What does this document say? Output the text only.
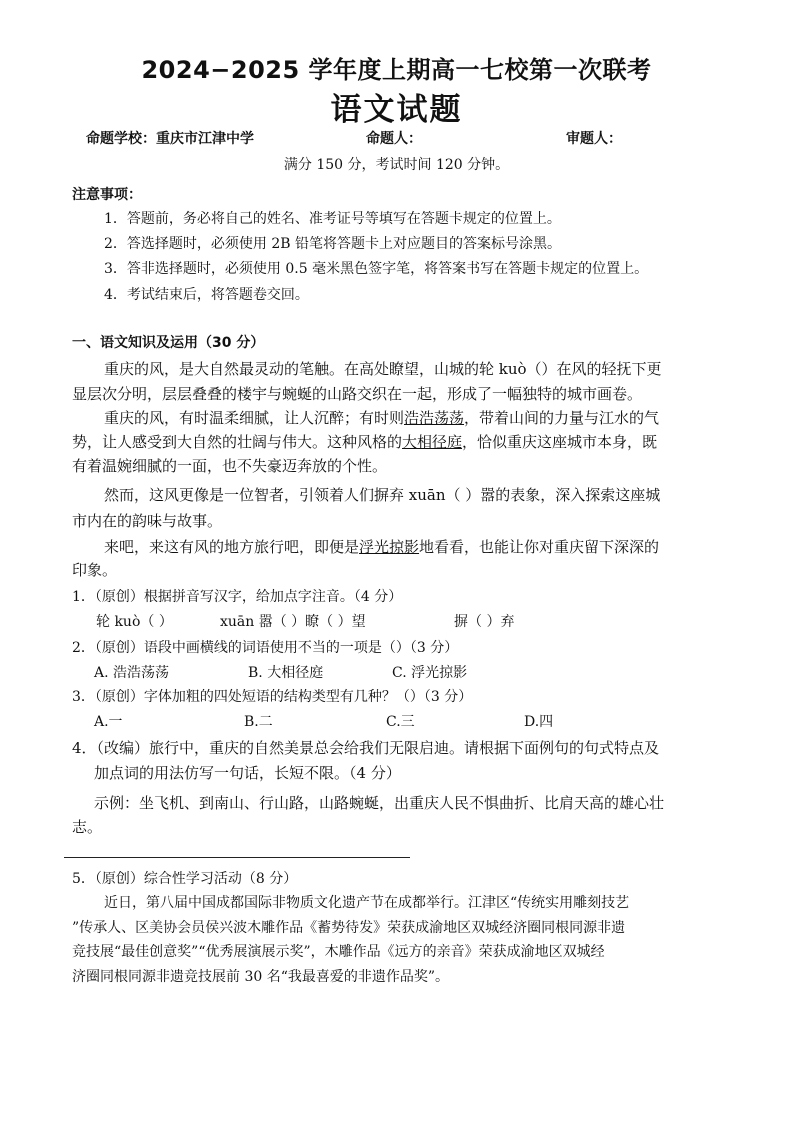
2024−2025 学年度上期高一七校第一次联考
语文试题
命题学校：重庆市江津中学	命题人：	审题人：
满分 150 分，考试时间 120 分钟。
注意事项：
1．答题前，务必将自己的姓名、准考证号等填写在答题卡规定的位置上。
2．答选择题时，必须使用 2B 铅笔将答题卡上对应题目的答案标号涂黑。
3．答非选择题时，必须使用 0.5 毫米黑色签字笔，将答案书写在答题卡规定的位置上。
4．考试结束后，将答题卷交回。
一、语文知识及运用（30 分）
重庆的风，是大自然最灵动的笔触。在高处瞭望，山城的轮 kuò（）在风的轻抚下更
显层次分明，层层叠叠的楼宇与蜿蜒的山路交织在一起，形成了一幅独特的城市画卷。
重庆的风，有时温柔细腻，让人沉醉；有时则浩浩荡荡，带着山间的力量与江水的气
势，让人感受到大自然的壮阔与伟大。这种风格的大相径庭，恰似重庆这座城市本身，既
有着温婉细腻的一面，也不失豪迈奔放的个性。
然而，这风更像是一位智者，引领着人们摒弃 xuān（ ）嚣的表象，深入探索这座城
市内在的韵味与故事。
来吧，来这有风的地方旅行吧，即便是浮光掠影地看看，也能让你对重庆留下深深的
印象。
1．（原创）根据拼音写汉字，给加点字注音。（4 分）
轮 kuò（ ）	xuān 嚣（ ）瞭（ ）望	摒（ ）弃
2．（原创）语段中画横线的词语使用不当的一项是（）（3 分）
A. 浩浩荡荡	B. 大相径庭	C. 浮光掠影
3．（原创）字体加粗的四处短语的结构类型有几种？（）（3 分）
A.一	B.二	C.三	D.四
4．（改编）旅行中，重庆的自然美景总会给我们无限启迪。请根据下面例句的句式特点及
加点词的用法仿写一句话，长短不限。（4 分）
示例：坐飞机、到南山、行山路，山路蜿蜒，出重庆人民不惧曲折、比肩天高的雄心壮
志。
5．（原创）综合性学习活动（8 分）
近日，第八届中国成都国际非物质文化遗产节在成都举行。江津区“传统实用雕刻技艺
”传承人、区美协会员侯兴波木雕作品《蓄势待发》荣获成渝地区双城经济圈同根同源非遗
竞技展“最佳创意奖”“优秀展演展示奖”，木雕作品《远方的亲音》荣获成渝地区双城经
济圈同根同源非遗竞技展前 30 名“我最喜爱的非遗作品奖”。
